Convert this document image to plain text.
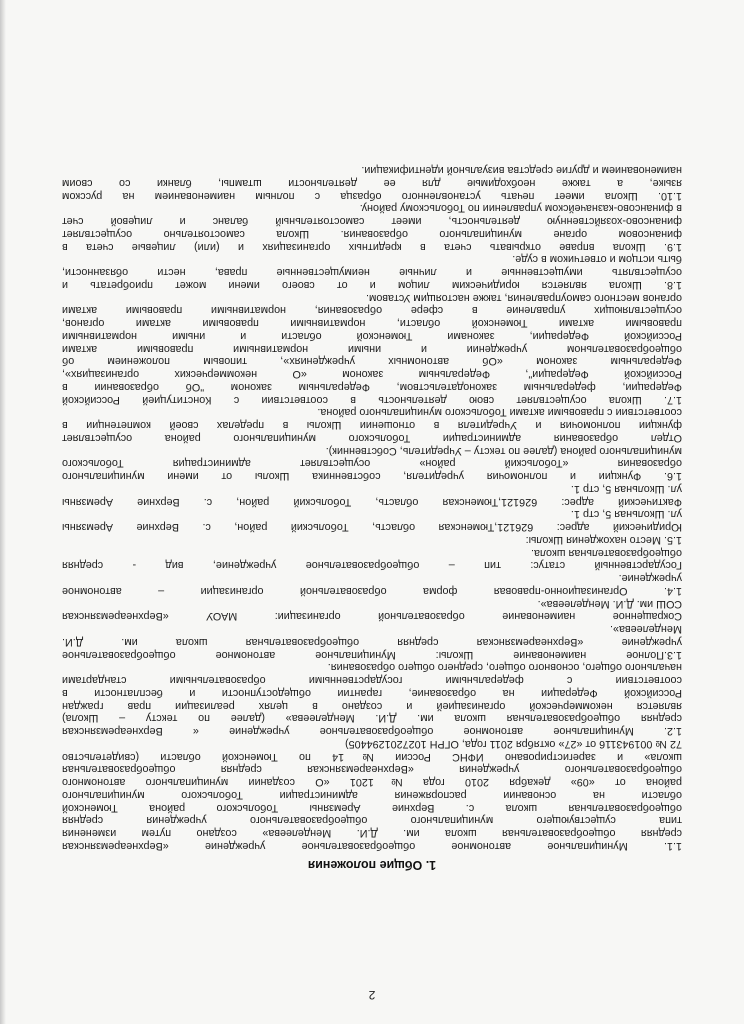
2
1. Общие положения
1.1. Муниципальное автономное общеобразовательное учреждение «Верхнеаремзянская
средняя общеобразовательная школа им. Д.И. Менделеева» создано путем изменения
типа существующего муниципального общеобразовательного учреждения средняя
общеобразовательная школа с. Верхние Аремзяны Тобольского района Тюменской
области на основании распоряжения администрации Тобольского муниципального
района от «09» декабря 2010 года №1201 «О создании муниципального автономного
общеобразовательного учреждения «Верхнеаремзянская средняя общеобразовательная
школа» и зарегистрировано ИФНС России №14 по Тюменской области (свидетельство
72 № 001943116 от «27» октября 2011 года, ОГРН 1027201294405)
1.2. Муниципальное автономное общеобразовательное учреждение « Верхнеаремзянская
средняя общеобразовательная школа им. Д.И. Менделеева» (далее по тексту – Школа)
является некоммерческой организацией и создано в целях реализации прав граждан
Российской Федерации на образование, гарантии общедоступности и бесплатности в
соответствии с федеральными государственными образовательными стандартами
начального общего, основного общего, среднего общего образования.
1.3.Полное наименование Школы: Муниципальное автономное общеобразовательное
учреждение «Верхнеаремзянская средняя общеобразовательная школа им. Д.И.
Менделеева».
Сокращенное наименование образовательной организации: МАОУ «Верхнеаремзянская
СОШ им. Д.И. Менделеева».
1.4. Организационно-правовая форма образовательной организации – автономное
учреждение.
Государственный статус: тип – общеобразовательное учреждение, вид - средняя
общеобразовательная школа.
1.5. Место нахождения Школы:
Юридический адрес: 626121,Тюменская область, Тобольский район, с. Верхние Аремзяны
ул. Школьная 5, стр 1.
Фактический адрес: 626121,Тюменская область, Тобольский район, с. Верхние Аремзяны
ул. Школьная 5, стр 1.
1.6. Функции и полномочия учредителя, собственника Школы от имени муниципального
образования «Тобольский район» осуществляет администрация Тобольского
муниципального района (далее по тексту – Учредитель, Собственник).
Отдел образования администрации Тобольского муниципального района осуществляет
функции полномочия и Учредителя в отношении Школы в пределах своей компетенции в
соответствии с правовыми актами Тобольского муниципального района.
1.7. Школа осуществляет свою деятельность в соответствии с Конституцией Российской
Федерации, федеральным законодательством, Федеральным законом "Об образовании в
Российской Федерации", Федеральным законом «О некоммерческих организациях»,
Федеральным законом «Об автономных учреждениях», типовым положением об
общеобразовательном учреждении и иными нормативными правовыми актами
Российской Федерации, законами Тюменской области и иными нормативными
правовыми актами Тюменской области, нормативными правовыми актами органов,
осуществляющих управление в сфере образования, нормативными правовыми актами
органов местного самоуправления, также настоящим Уставом.
1.8. Школа является юридическим лицом и от своего имени может приобретать и
осуществлять имущественные и личные неимущественные права, нести обязанности,
быть истцом и ответчиком в суде.
1.9. Школа вправе открывать счета в кредитных организациях и (или) лицевые счета в
финансовом органе муниципального образования. Школа самостоятельно осуществляет
финансово-хозяйственную деятельность, имеет самостоятельный баланс и лицевой счет
в финансово-казначейском управлении по Тобольскому району.
1.10. Школа имеет печать установленного образца с полным наименованием на русском
языке, а также необходимые для ее деятельности штампы, бланки со своим
наименованием и другие средства визуальной идентификации.
